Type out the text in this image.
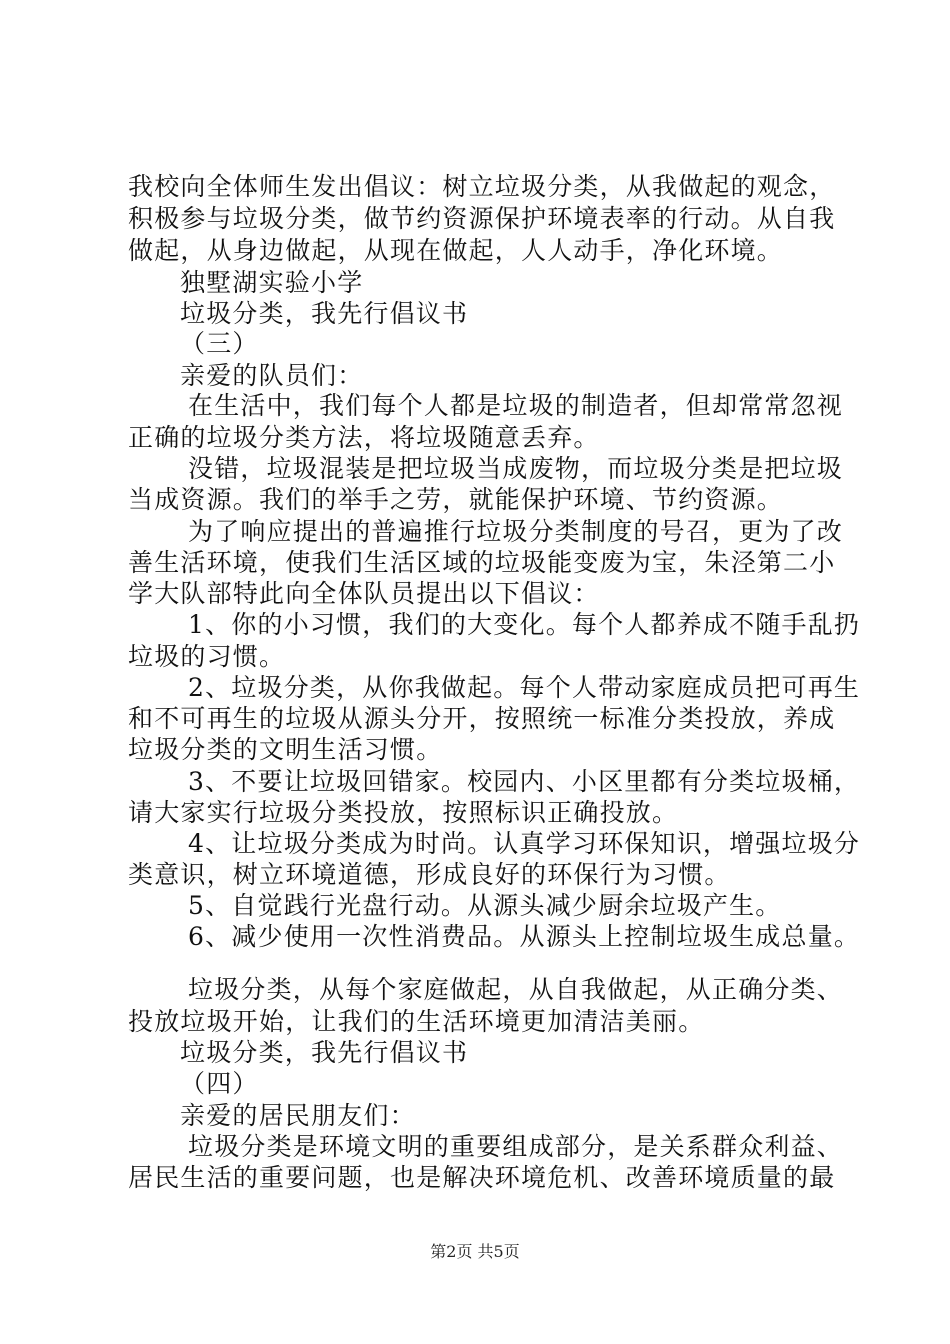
我校向全体师生发出倡议：树立垃圾分类，从我做起的观念，
积极参与垃圾分类，做节约资源保护环境表率的行动。从自我
做起，从身边做起，从现在做起，人人动手，净化环境。
独墅湖实验小学
垃圾分类，我先行倡议书
（三）
亲爱的队员们：
在生活中，我们每个人都是垃圾的制造者，但却常常忽视
正确的垃圾分类方法，将垃圾随意丢弃。
没错，垃圾混装是把垃圾当成废物，而垃圾分类是把垃圾
当成资源。我们的举手之劳，就能保护环境、节约资源。
为了响应提出的普遍推行垃圾分类制度的号召，更为了改
善生活环境，使我们生活区域的垃圾能变废为宝，朱泾第二小
学大队部特此向全体队员提出以下倡议：
1、你的小习惯，我们的大变化。每个人都养成不随手乱扔
垃圾的习惯。
2、垃圾分类，从你我做起。每个人带动家庭成员把可再生
和不可再生的垃圾从源头分开，按照统一标准分类投放，养成
垃圾分类的文明生活习惯。
3、不要让垃圾回错家。校园内、小区里都有分类垃圾桶，
请大家实行垃圾分类投放，按照标识正确投放。
4、让垃圾分类成为时尚。认真学习环保知识，增强垃圾分
类意识，树立环境道德，形成良好的环保行为习惯。
5、自觉践行光盘行动。从源头减少厨余垃圾产生。
6、减少使用一次性消费品。从源头上控制垃圾生成总量。
垃圾分类，从每个家庭做起，从自我做起，从正确分类、
投放垃圾开始，让我们的生活环境更加清洁美丽。
垃圾分类，我先行倡议书
（四）
亲爱的居民朋友们：
垃圾分类是环境文明的重要组成部分，是关系群众利益、
居民生活的重要问题，也是解决环境危机、改善环境质量的最
第2页 共5页
